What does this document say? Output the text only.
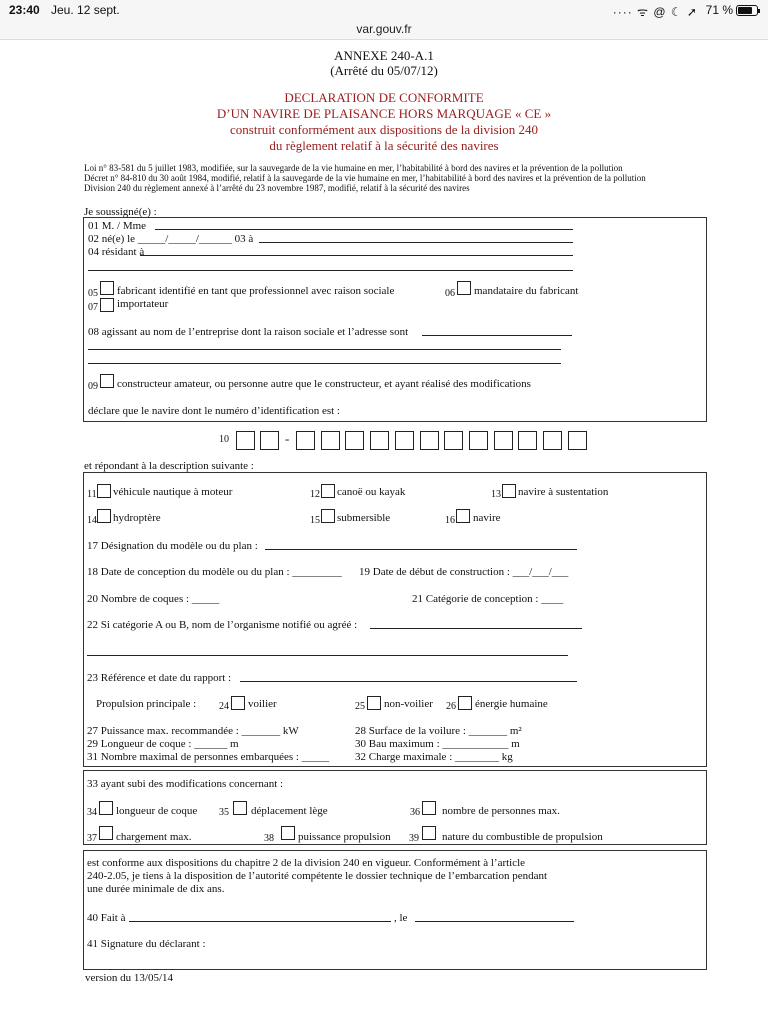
23:40 Jeu. 12 sept.	···· ᯤ @ ☾ ➚ 71 %
var.gouv.fr
ANNEXE 240-A.1
(Arrêté du 05/07/12)
DECLARATION DE CONFORMITE
D’UN NAVIRE DE PLAISANCE HORS MARQUAGE « CE »
construit conformément aux dispositions de la division 240
du règlement relatif à la sécurité des navires
Loi n° 83-581 du 5 juillet 1983, modifiée, sur la sauvegarde de la vie humaine en mer, l’habitabilité à bord des navires et la prévention de la pollution
Décret n° 84-810 du 30 août 1984, modifié, relatif à la sauvegarde de la vie humaine en mer, l’habitabilité à bord des navires et la prévention de la pollution
Division 240 du règlement annexé à l’arrêté du 23 novembre 1987, modifié, relatif à la sécurité des navires
Je soussigné(e) :
01 M. / Mme
02 né(e) le _____/_____/______ 03 à
04 résidant à
05 fabricant identifié en tant que professionnel avec raison sociale	06 mandataire du fabricant
07 importateur
08 agissant au nom de l’entreprise dont la raison sociale et l’adresse sont
09 constructeur amateur, ou personne autre que le constructeur, et ayant réalisé des modifications
déclare que le navire dont le numéro d’identification est :
10	-
et répondant à la description suivante :
11 véhicule nautique à moteur	12 canoë ou kayak	13 navire à sustentation
14 hydroptère	15 submersible	16 navire
17 Désignation du modèle ou du plan :
18 Date de conception du modèle ou du plan : _________ 19 Date de début de construction : ___/___/___
20 Nombre de coques : _____	21 Catégorie de conception : ____
22 Si catégorie A ou B, nom de l’organisme notifié ou agréé :
23 Référence et date du rapport :
Propulsion principale : 24 voilier	25 non-voilier 26 énergie humaine
27 Puissance max. recommandée : _______ kW	28 Surface de la voilure : _______ m²
29 Longueur de coque : ______ m	30 Bau maximum : ____________ m
31 Nombre maximal de personnes embarquées : _____ 32 Charge maximale : ________ kg
33 ayant subi des modifications concernant :
34 longueur de coque 35 déplacement lège	36 nombre de personnes max.
37 chargement max.	38 puissance propulsion 39 nature du combustible de propulsion
est conforme aux dispositions du chapitre 2 de la division 240 en vigueur. Conformément à l’article
240-2.05, je tiens à la disposition de l’autorité compétente le dossier technique de l’embarcation pendant
une durée minimale de dix ans.
40 Fait à	, le
41 Signature du déclarant :
version du 13/05/14
